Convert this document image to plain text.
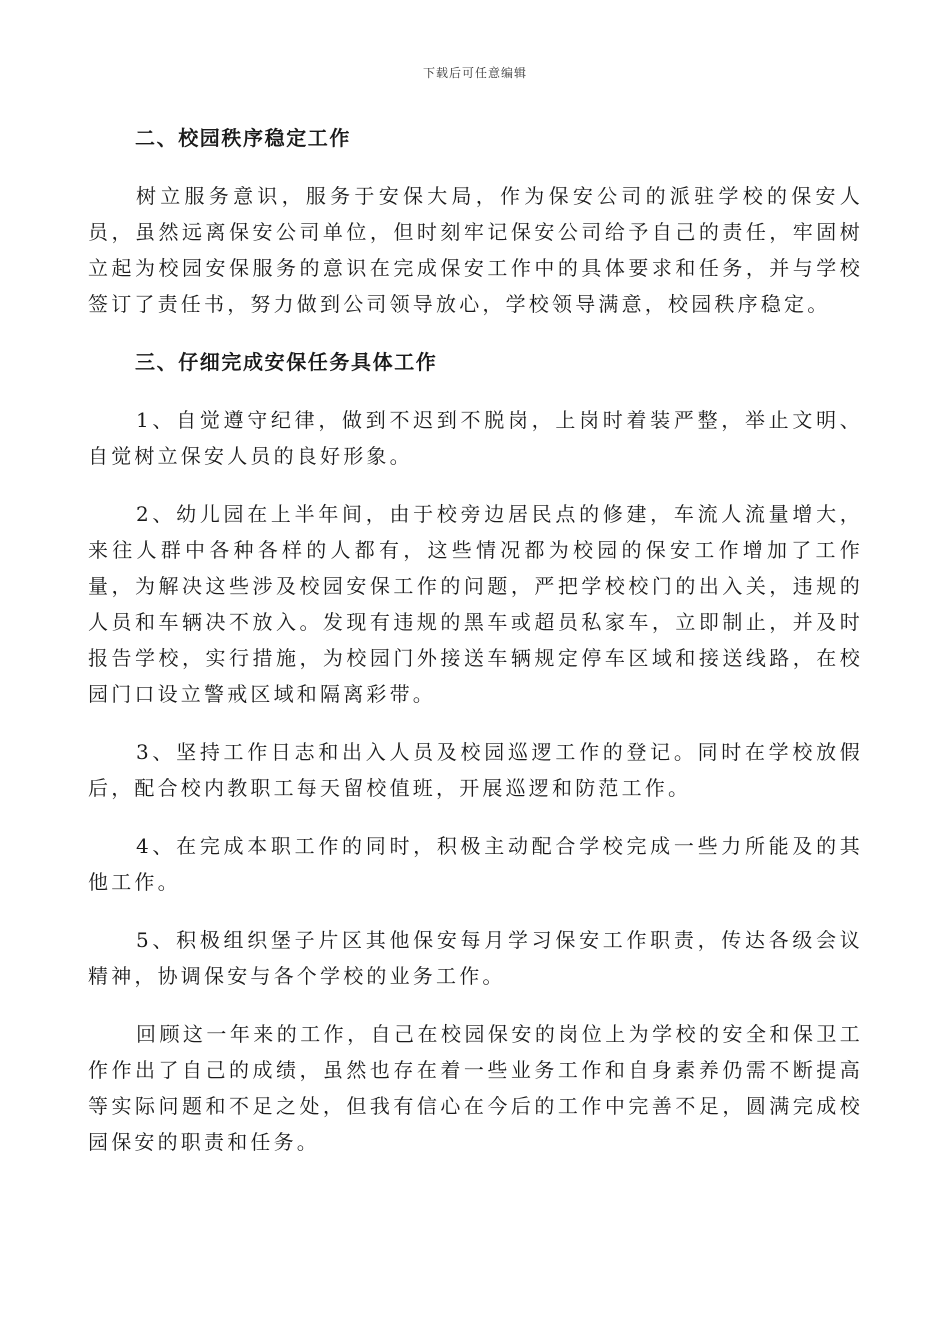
下载后可任意编辑

二、校园秩序稳定工作

树立服务意识，服务于安保大局，作为保安公司的派驻学校的保安人员，虽然远离保安公司单位，但时刻牢记保安公司给予自己的责任，牢固树立起为校园安保服务的意识在完成保安工作中的具体要求和任务，并与学校签订了责任书，努力做到公司领导放心，学校领导满意，校园秩序稳定。

三、仔细完成安保任务具体工作

1、自觉遵守纪律，做到不迟到不脱岗，上岗时着装严整，举止文明、自觉树立保安人员的良好形象。

2、幼儿园在上半年间，由于校旁边居民点的修建，车流人流量增大，来往人群中各种各样的人都有，这些情况都为校园的保安工作增加了工作量，为解决这些涉及校园安保工作的问题，严把学校校门的出入关，违规的人员和车辆决不放入。发现有违规的黑车或超员私家车，立即制止，并及时报告学校，实行措施，为校园门外接送车辆规定停车区域和接送线路，在校园门口设立警戒区域和隔离彩带。

3、坚持工作日志和出入人员及校园巡逻工作的登记。同时在学校放假后，配合校内教职工每天留校值班，开展巡逻和防范工作。

4、在完成本职工作的同时，积极主动配合学校完成一些力所能及的其他工作。

5、积极组织堡子片区其他保安每月学习保安工作职责，传达各级会议精神，协调保安与各个学校的业务工作。

回顾这一年来的工作，自己在校园保安的岗位上为学校的安全和保卫工作作出了自己的成绩，虽然也存在着一些业务工作和自身素养仍需不断提高等实际问题和不足之处，但我有信心在今后的工作中完善不足，圆满完成校园保安的职责和任务。
